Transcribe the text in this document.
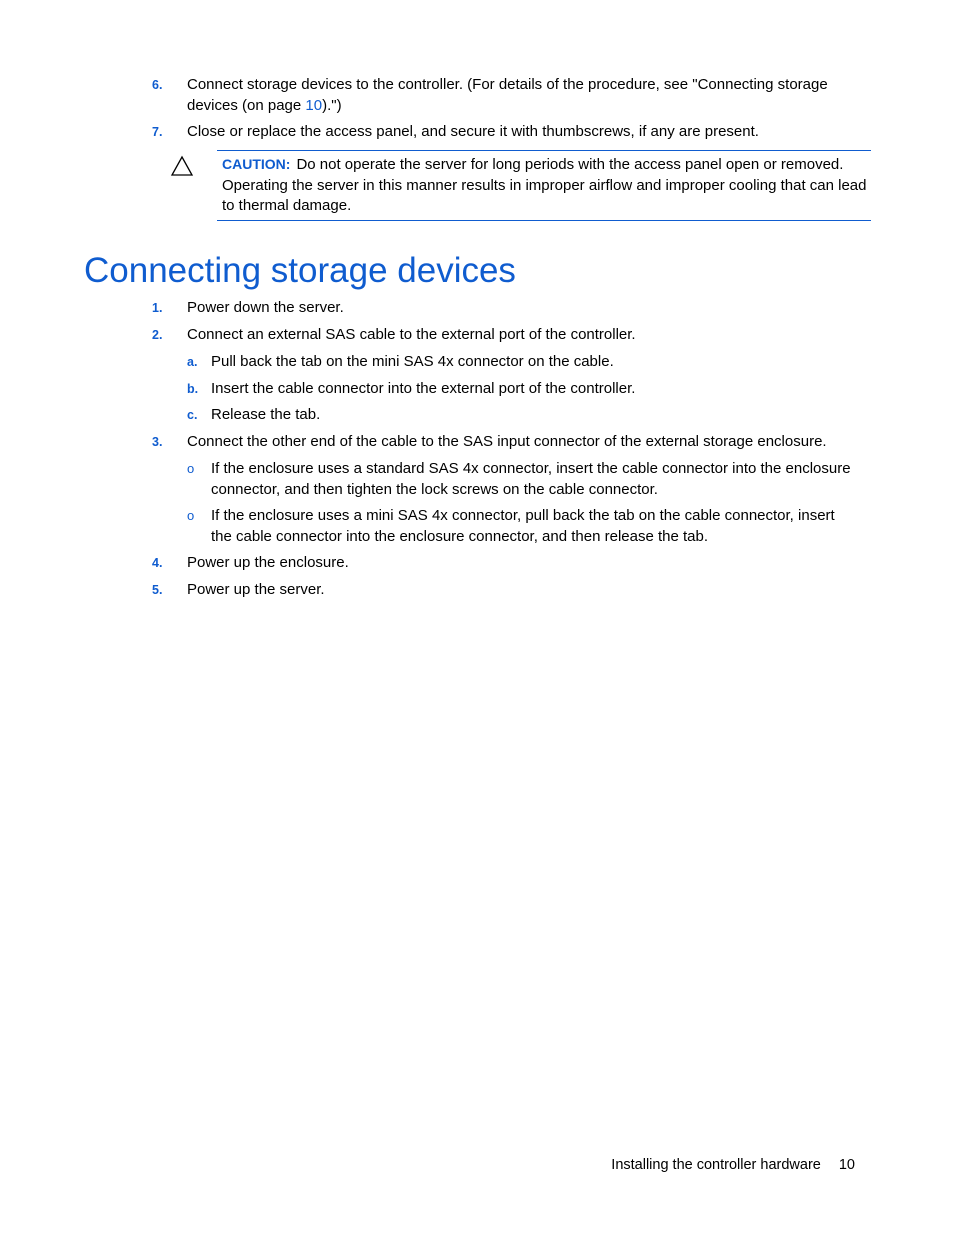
6. Connect storage devices to the controller. (For details of the procedure, see "Connecting storage devices (on page 10).")
7. Close or replace the access panel, and secure it with thumbscrews, if any are present.
CAUTION: Do not operate the server for long periods with the access panel open or removed. Operating the server in this manner results in improper airflow and improper cooling that can lead to thermal damage.
Connecting storage devices
1. Power down the server.
2. Connect an external SAS cable to the external port of the controller.
a. Pull back the tab on the mini SAS 4x connector on the cable.
b. Insert the cable connector into the external port of the controller.
c. Release the tab.
3. Connect the other end of the cable to the SAS input connector of the external storage enclosure.
o If the enclosure uses a standard SAS 4x connector, insert the cable connector into the enclosure connector, and then tighten the lock screws on the cable connector.
o If the enclosure uses a mini SAS 4x connector, pull back the tab on the cable connector, insert the cable connector into the enclosure connector, and then release the tab.
4. Power up the enclosure.
5. Power up the server.
Installing the controller hardware 10
